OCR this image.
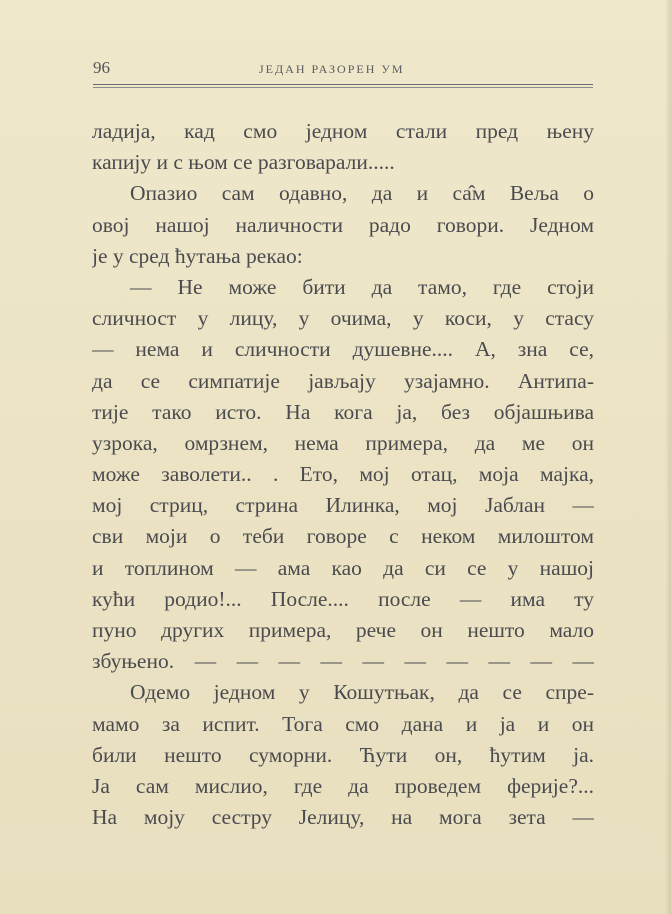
96	ЈЕДАН РАЗОРЕН УМ
ладија, кад смо једном стали пред њену
капију и с њом се разговарали.....
Опазио сам одавно, да и са̂м Веља о
овој нашој наличности радо говори. Једном
је у сред ћутања рекао:
— Не може бити да тамо, где стоји
сличност у лицу, у очима, у коси, у стасу
— нема и сличности душевне.... А, зна се,
да се симпатије јављају узајамно. Антипа-
тије тако исто. На кога ја, без објашњива
узрока, омрзнем, нема примера, да ме он
може заволети.. . Ето, мој отац, моја мајка,
мој стриц, стрина Илинка, мој Јаблан —
сви моји о теби говоре с неком милоштом
и топлином — ама као да си се у нашој
кући родио!... После.... после — има ту
пуно других примера, рече он нешто мало
збуњено. — — — — — — — — — —
Одемо једном у Кошутњак, да се спре-
мамо за испит. Тога смо дана и ја и он
били нешто суморни. Ћути он, ћутим ја.
Ја сам мислио, где да проведем ферије?...
На моју сестру Јелицу, на мога зета —
